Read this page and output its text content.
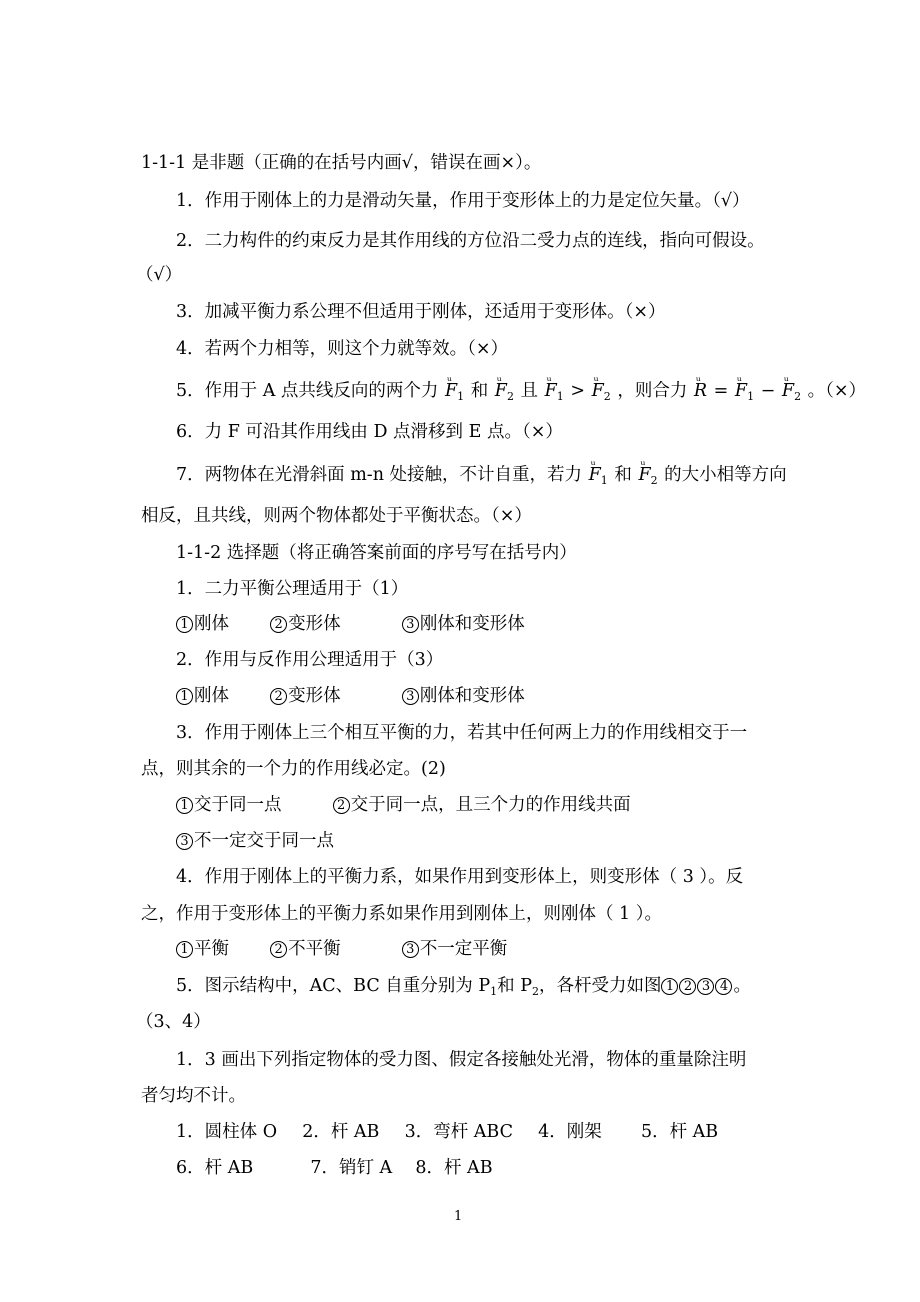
1-1-1 是非题（正确的在括号内画√，错误在画×）。
1．作用于刚体上的力是滑动矢量，作用于变形体上的力是定位矢量。（√）
2．二力构件的约束反力是其作用线的方位沿二受力点的连线，指向可假设。
（√）
3．加减平衡力系公理不但适用于刚体，还适用于变形体。（×）
4．若两个力相等，则这个力就等效。（×）
5．作用于 A 点共线反向的两个力 ᵘ $F_1$ 和 ᵘ $F_2$ 且 ᵘ $F_1$ > ᵘ $F_2$ ，则合力 ᵘ R = ᵘ $F_1$ − ᵘ $F_2$ 。（×）
6．力 F 可沿其作用线由 D 点滑移到 E 点。（×）
7．两物体在光滑斜面 m-n 处接触，不计自重，若力 ᵘ $F_1$ 和 ᵘ $F_2$ 的大小相等方向
相反，且共线，则两个物体都处于平衡状态。（×）
1-1-2 选择题（将正确答案前面的序号写在括号内）
1．二力平衡公理适用于（1）
1 刚体	2 变形体	3 刚体和变形体
2．作用与反作用公理适用于（3）
1 刚体	2 变形体	3 刚体和变形体
3．作用于刚体上三个相互平衡的力，若其中任何两上力的作用线相交于一
点，则其余的一个力的作用线必定。(2)
1 交于同一点	2 交于同一点，且三个力的作用线共面
3 不一定交于同一点
4．作用于刚体上的平衡力系，如果作用到变形体上，则变形体（ 3 ）。反
之，作用于变形体上的平衡力系如果作用到刚体上，则刚体（ 1 ）。
1 平衡	2 不平衡	3 不一定平衡
5．图示结构中，AC、BC 自重分别为 $P_1$和 $P_2$，各杆受力如图 1 2 3 4 。
（3、4）
1．3 画出下列指定物体的受力图、假定各接触处光滑，物体的重量除注明
者匀均不计。
1．圆柱体 O 2．杆 AB 3．弯杆 ABC 4．刚架 5．杆 AB
6．杆 AB	7．销钉 A 8．杆 AB
1
